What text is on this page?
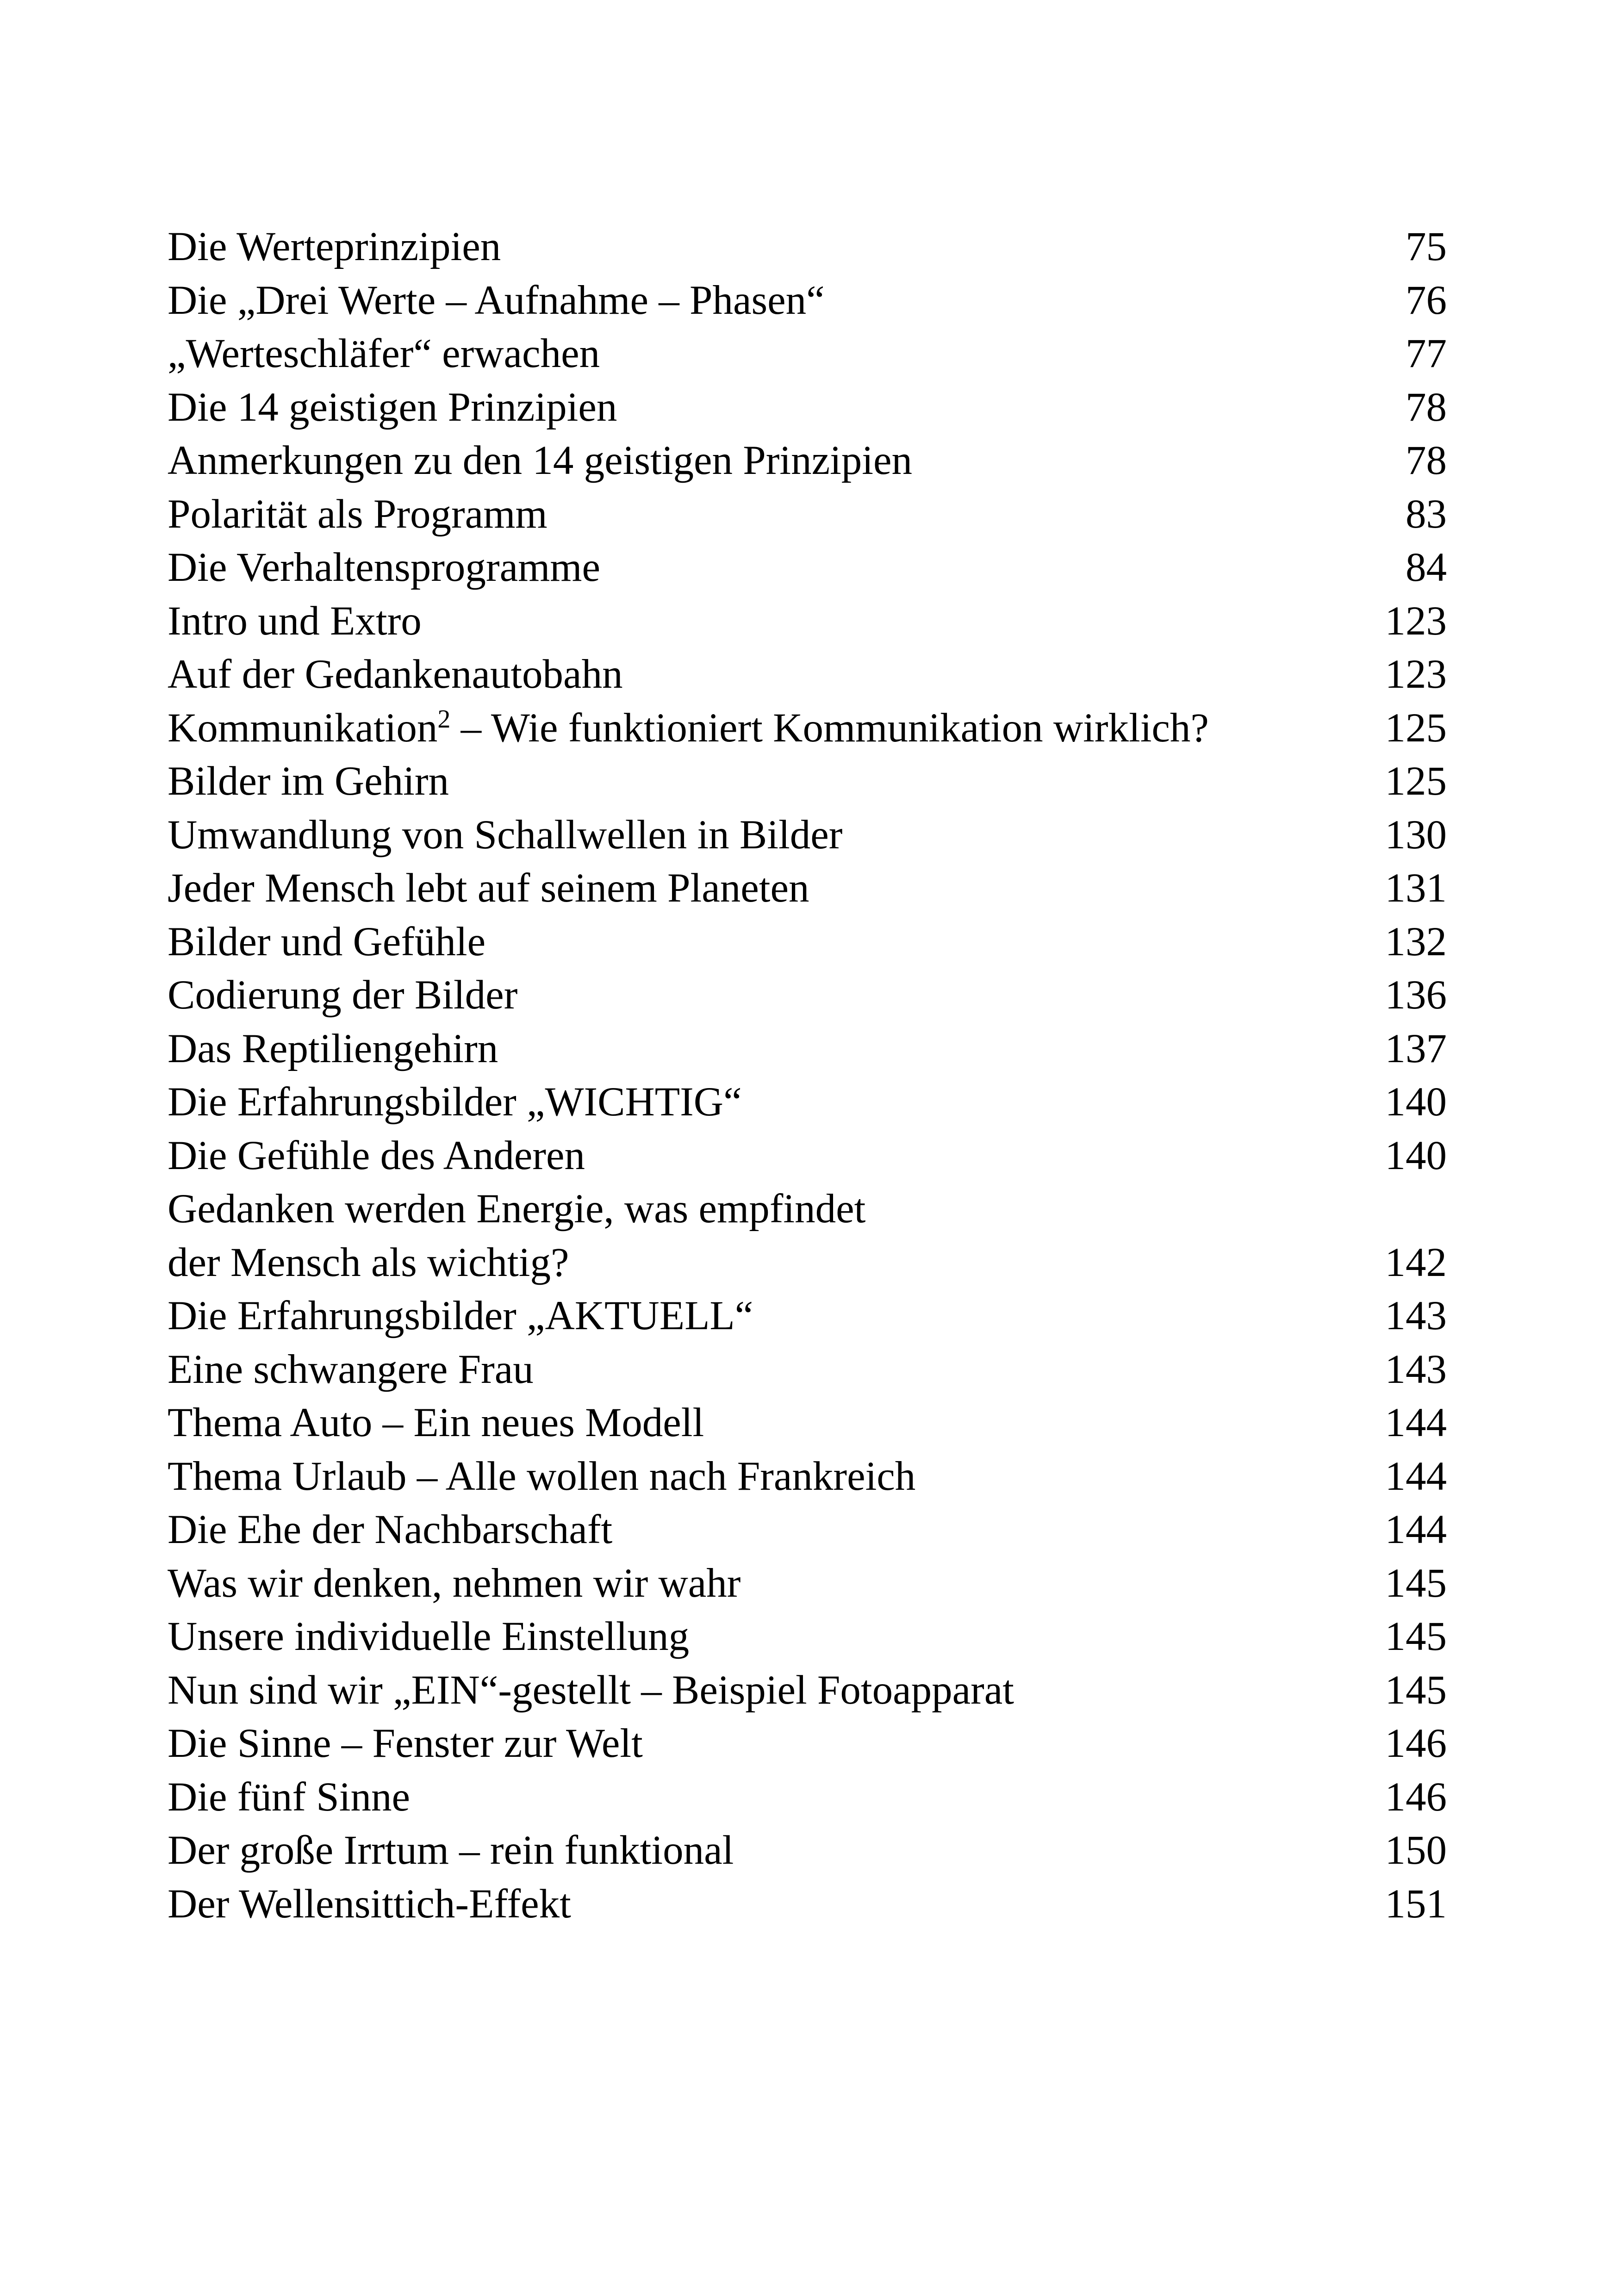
Die Werteprinzipien	75
Die „Drei Werte – Aufnahme – Phasen“	76
„Werteschläfer“ erwachen	77
Die 14 geistigen Prinzipien	78
Anmerkungen zu den 14 geistigen Prinzipien	78
Polarität als Programm	83
Die Verhaltensprogramme	84
Intro und Extro	123
Auf der Gedankenautobahn	123
Kommunikation$^2$ – Wie funktioniert Kommunikation wirklich?	125
Bilder im Gehirn	125
Umwandlung von Schallwellen in Bilder	130
Jeder Mensch lebt auf seinem Planeten	131
Bilder und Gefühle	132
Codierung der Bilder	136
Das Reptiliengehirn	137
Die Erfahrungsbilder „WICHTIG“	140
Die Gefühle des Anderen	140
Gedanken werden Energie, was empfindet
der Mensch als wichtig?	142
Die Erfahrungsbilder „AKTUELL“	143
Eine schwangere Frau	143
Thema Auto – Ein neues Modell	144
Thema Urlaub – Alle wollen nach Frankreich	144
Die Ehe der Nachbarschaft	144
Was wir denken, nehmen wir wahr	145
Unsere individuelle Einstellung	145
Nun sind wir „EIN“-gestellt – Beispiel Fotoapparat	145
Die Sinne – Fenster zur Welt	146
Die fünf Sinne	146
Der große Irrtum – rein funktional	150
Der Wellensittich-Effekt	151
